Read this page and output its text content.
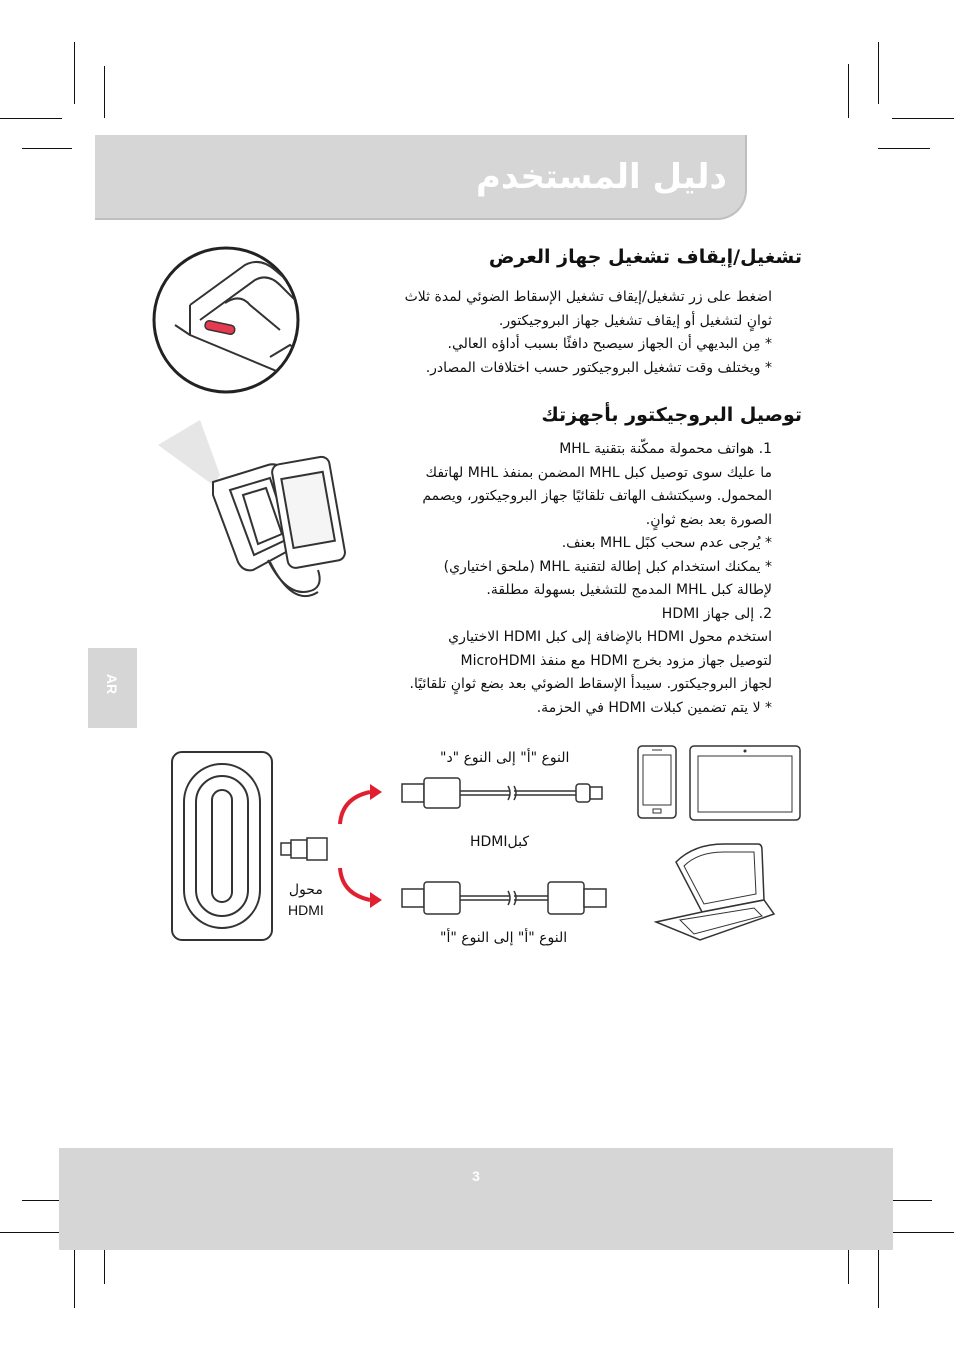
دليل المستخدم
AR
تشغيل/إيقاف تشغيل جهاز العرض
اضغط على زر تشغيل/إيقاف تشغيل الإسقاط الضوئي لمدة ثلاث
ثوانٍ لتشغيل أو إيقاف تشغيل جهاز البروجيكتور.
* مِن البديهي أن الجهاز سيصبح دافئًا بسبب أداؤه العالي.
* ويختلف وقت تشغيل البروجيكتور حسب اختلافات المصادر.
توصيل البروجيكتور بأجهزتك
1. هواتف محمولة ممكّنة بتقنية MHL
ما عليك سوى توصيل كبل MHL المضمن بمنفذ MHL لهاتفك
المحمول. وسيكتشف الهاتف تلقائيًا جهاز البروجيكتور، ويصمم
الصورة بعد بضع ثوانٍ.
* يُرجى عدم سحب كبًل MHL بعنف.
* يمكنك استخدام كبل إطالة لتقنية MHL (ملحق اختياري)
لإطالة كبل MHL المدمج للتشغيل بسهولة مطلقة.
2. إلى جهاز HDMI
استخدم محول HDMI بالإضافة إلى كبل HDMI الاختياري
لتوصيل جهاز مزود بخرج HDMI مع منفذ MicroHDMI
لجهاز البروجيكتور. سيبدأ الإسقاط الضوئي بعد بضع ثوانٍ تلقائيًا.
* لا يتم تضمين كبلات HDMI في الحزمة.
محول
HDMI
النوع "أ" إلى النوع "د"
كبلHDMI
النوع "أ" إلى النوع "أ"
3
